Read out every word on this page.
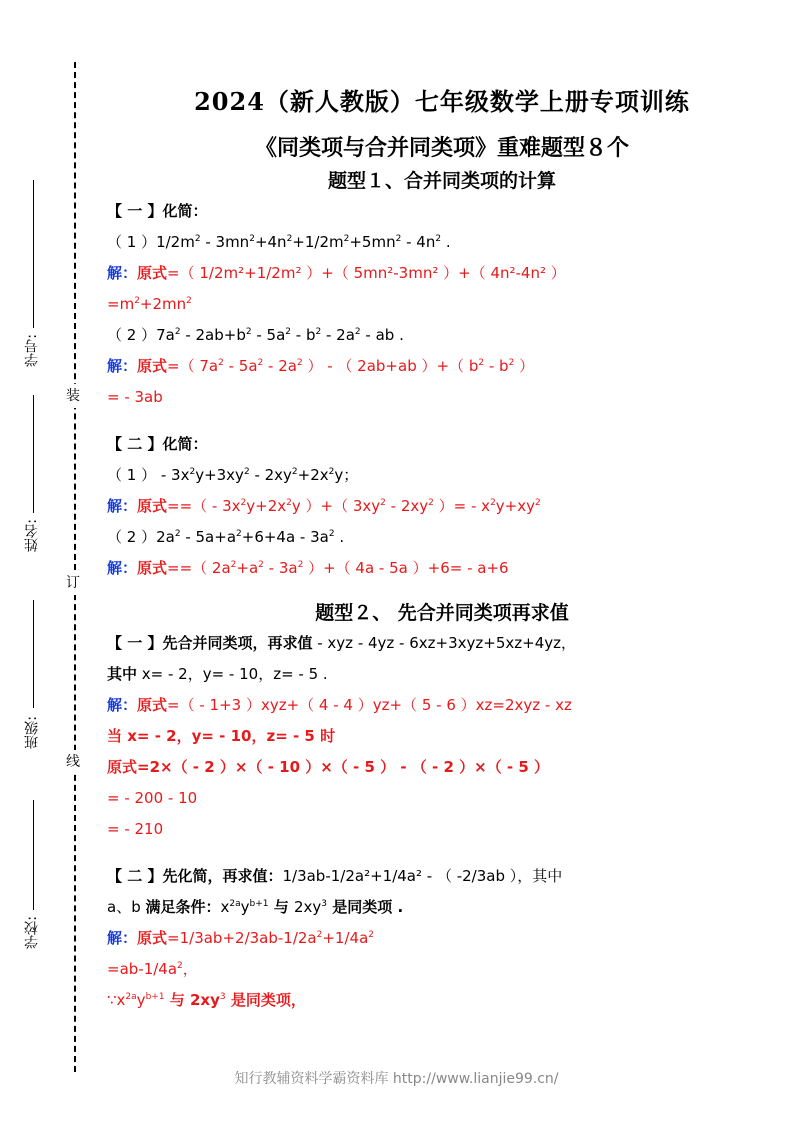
装
订
线
学号:
姓名:
班级:
学校:
2024（新人教版）七年级数学上册专项训练
《同类项与合并同类项》重难题型８个
题型１、合并同类项的计算
【 一 】化简：
（ 1 ）$1/2m^2 - 3mn^2+4n^2+1/2m^2+5mn^2 - 4n^2$ .
解：原式=（ 1/2m²+1/2m² ）+（ 5mn²-3mn² ）+（ 4n²-4n² ）
$=m^2+2mn^2$
（ 2 ）$7a^2 - 2ab+b^2 - 5a^2 - b^2 - 2a^2$ - ab .
解：原式=（ $7a^2 - 5a^2 - 2a^2$ ） - （ 2ab+ab ）+（ $b^2 - b^2$ ）
= - 3ab
【 二 】化简：
（ 1 ） - $3x^2y+3xy^2 - 2xy^2+2x^2y$；
解：原式==（ - $3x^2y+2x^2y$ ）+（ $3xy^2 - 2xy^2$ ）= - $x^2y+xy^2$
（ 2 ）$2a^2 - 5a+a^2+6+4a - 3a^2$ .
解：原式==（ $2a^2+a^2 - 3a^2$ ）+（ 4a - 5a ）+6= - a+6
题型２、 先合并同类项再求值
【 一 】先合并同类项，再求值 - xyz - 4yz - 6xz+3xyz+5xz+4yz，
其中 x= - 2，y= - 10，z= - 5 .
解：原式=（ - 1+3 ）xyz+（ 4 - 4 ）yz+（ 5 - 6 ）xz=2xyz - xz
当 x= - 2，y= - 10，z= - 5 时
原式=2×（ - 2 ）×（ - 10 ）×（ - 5 ） - （ - 2 ）×（ - 5 ）
= - 200 - 10
= - 210
【 二 】先化简，再求值：1/3ab-1/2a²+1/4a² - （ -2/3ab ），其中
a、b 满足条件：$x^{2a}y^{b+1}$ 与 $2xy^3$ 是同类项 .
解：原式$=1/3ab+2/3ab-1/2a^2+1/4a^2$
$=ab-1/4a^2$，
$\because x^{2a}y^{b+1}$ 与 $2xy^3$ 是同类项，
知行教辅资料学霸资料库 http://www.lianjie99.cn/
